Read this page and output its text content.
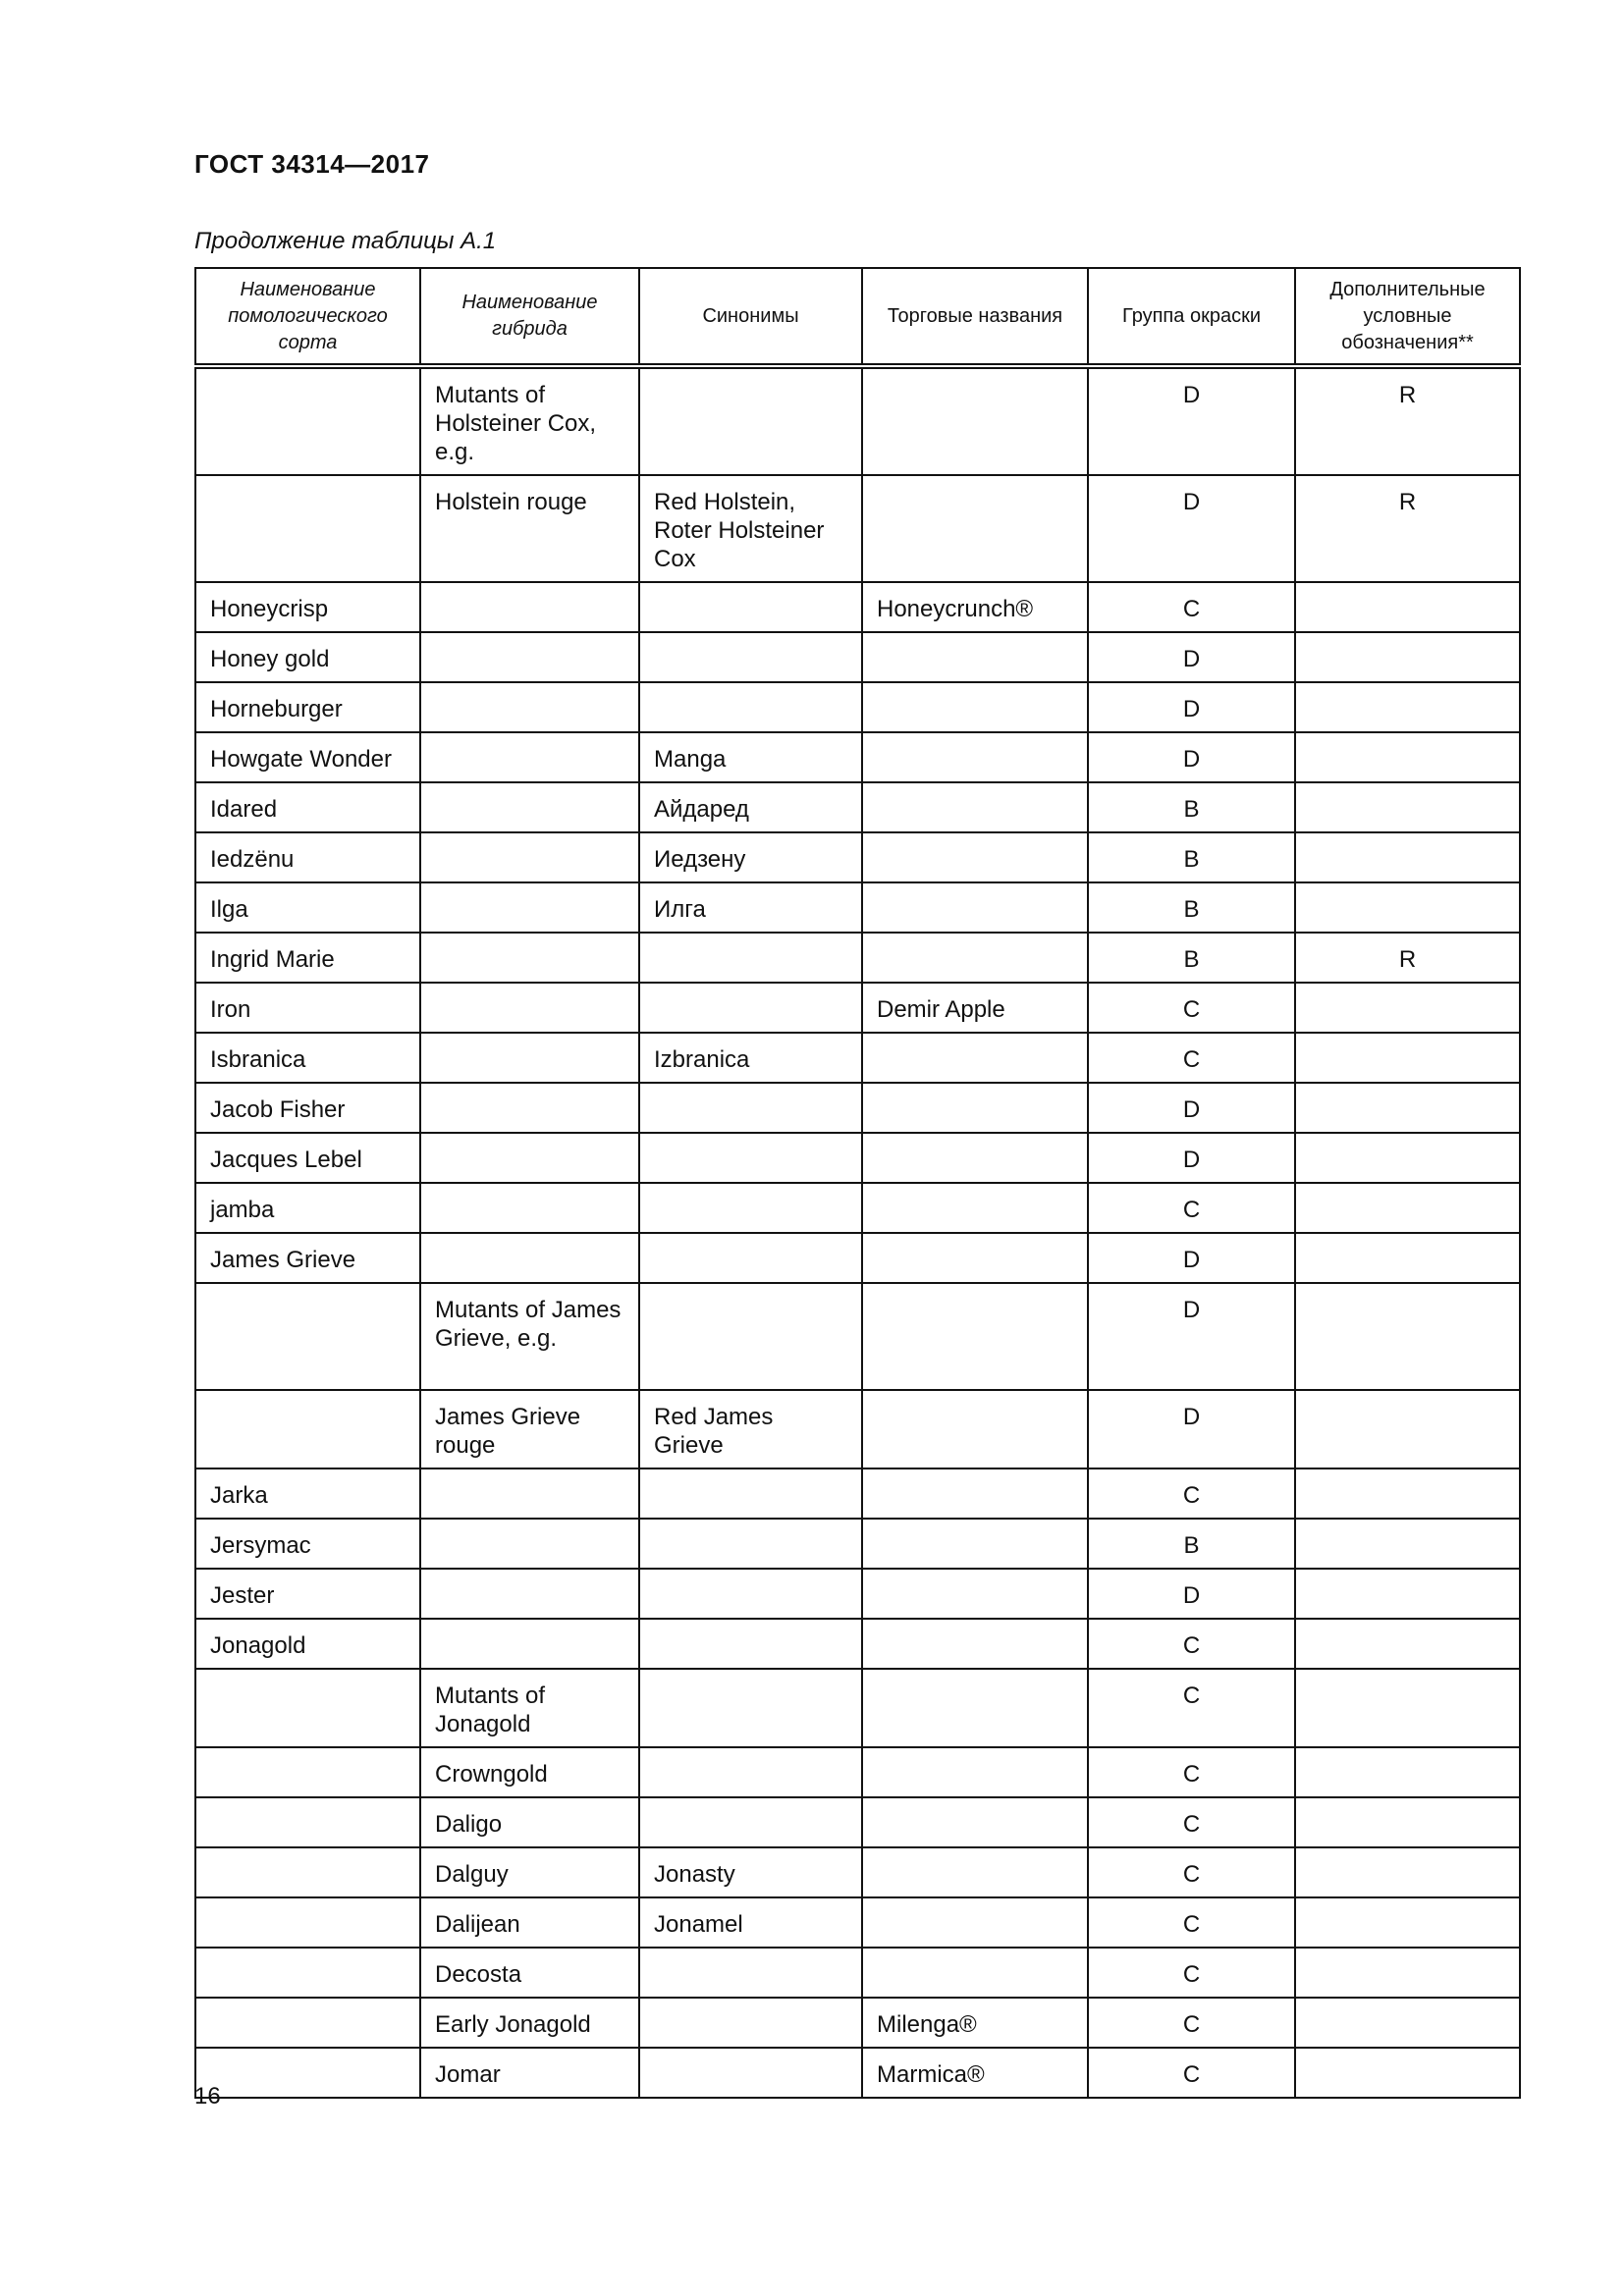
ГОСТ 34314—2017
Продолжение таблицы А.1
Наименование помологического сорта	Наименование гибрида	Синонимы	Торговые названия	Группа окраски	Дополнительные условные обозначения**
	Mutants of Holsteiner Cox, e.g.			D	R
	Holstein rouge	Red Holstein, Roter Holsteiner Cox		D	R
Honeycrisp			Honeycrunch®	C	
Honey gold				D	
Horneburger				D	
Howgate Wonder		Manga		D	
Idared		Айдаред		B	
Iedzënu		Иедзену		B	
Ilga		Илга		B	
Ingrid Marie				B	R
Iron			Demir Apple	C	
Isbranica		Izbranica		C	
Jacob Fisher				D	
Jacques Lebel				D	
jamba				C	
James Grieve				D	
	Mutants of James Grieve, e.g.			D	
	James Grieve rouge	Red James Grieve		D	
Jarka				C	
Jersymac				B	
Jester				D	
Jonagold				C	
	Mutants of Jonagold			C	
	Crowngold			C	
	Daligo			C	
	Dalguy	Jonasty		C	
	Dalijean	Jonamel		C	
	Decosta			C	
	Early Jonagold		Milenga®	C	
	Jomar		Marmica®	C	
16
